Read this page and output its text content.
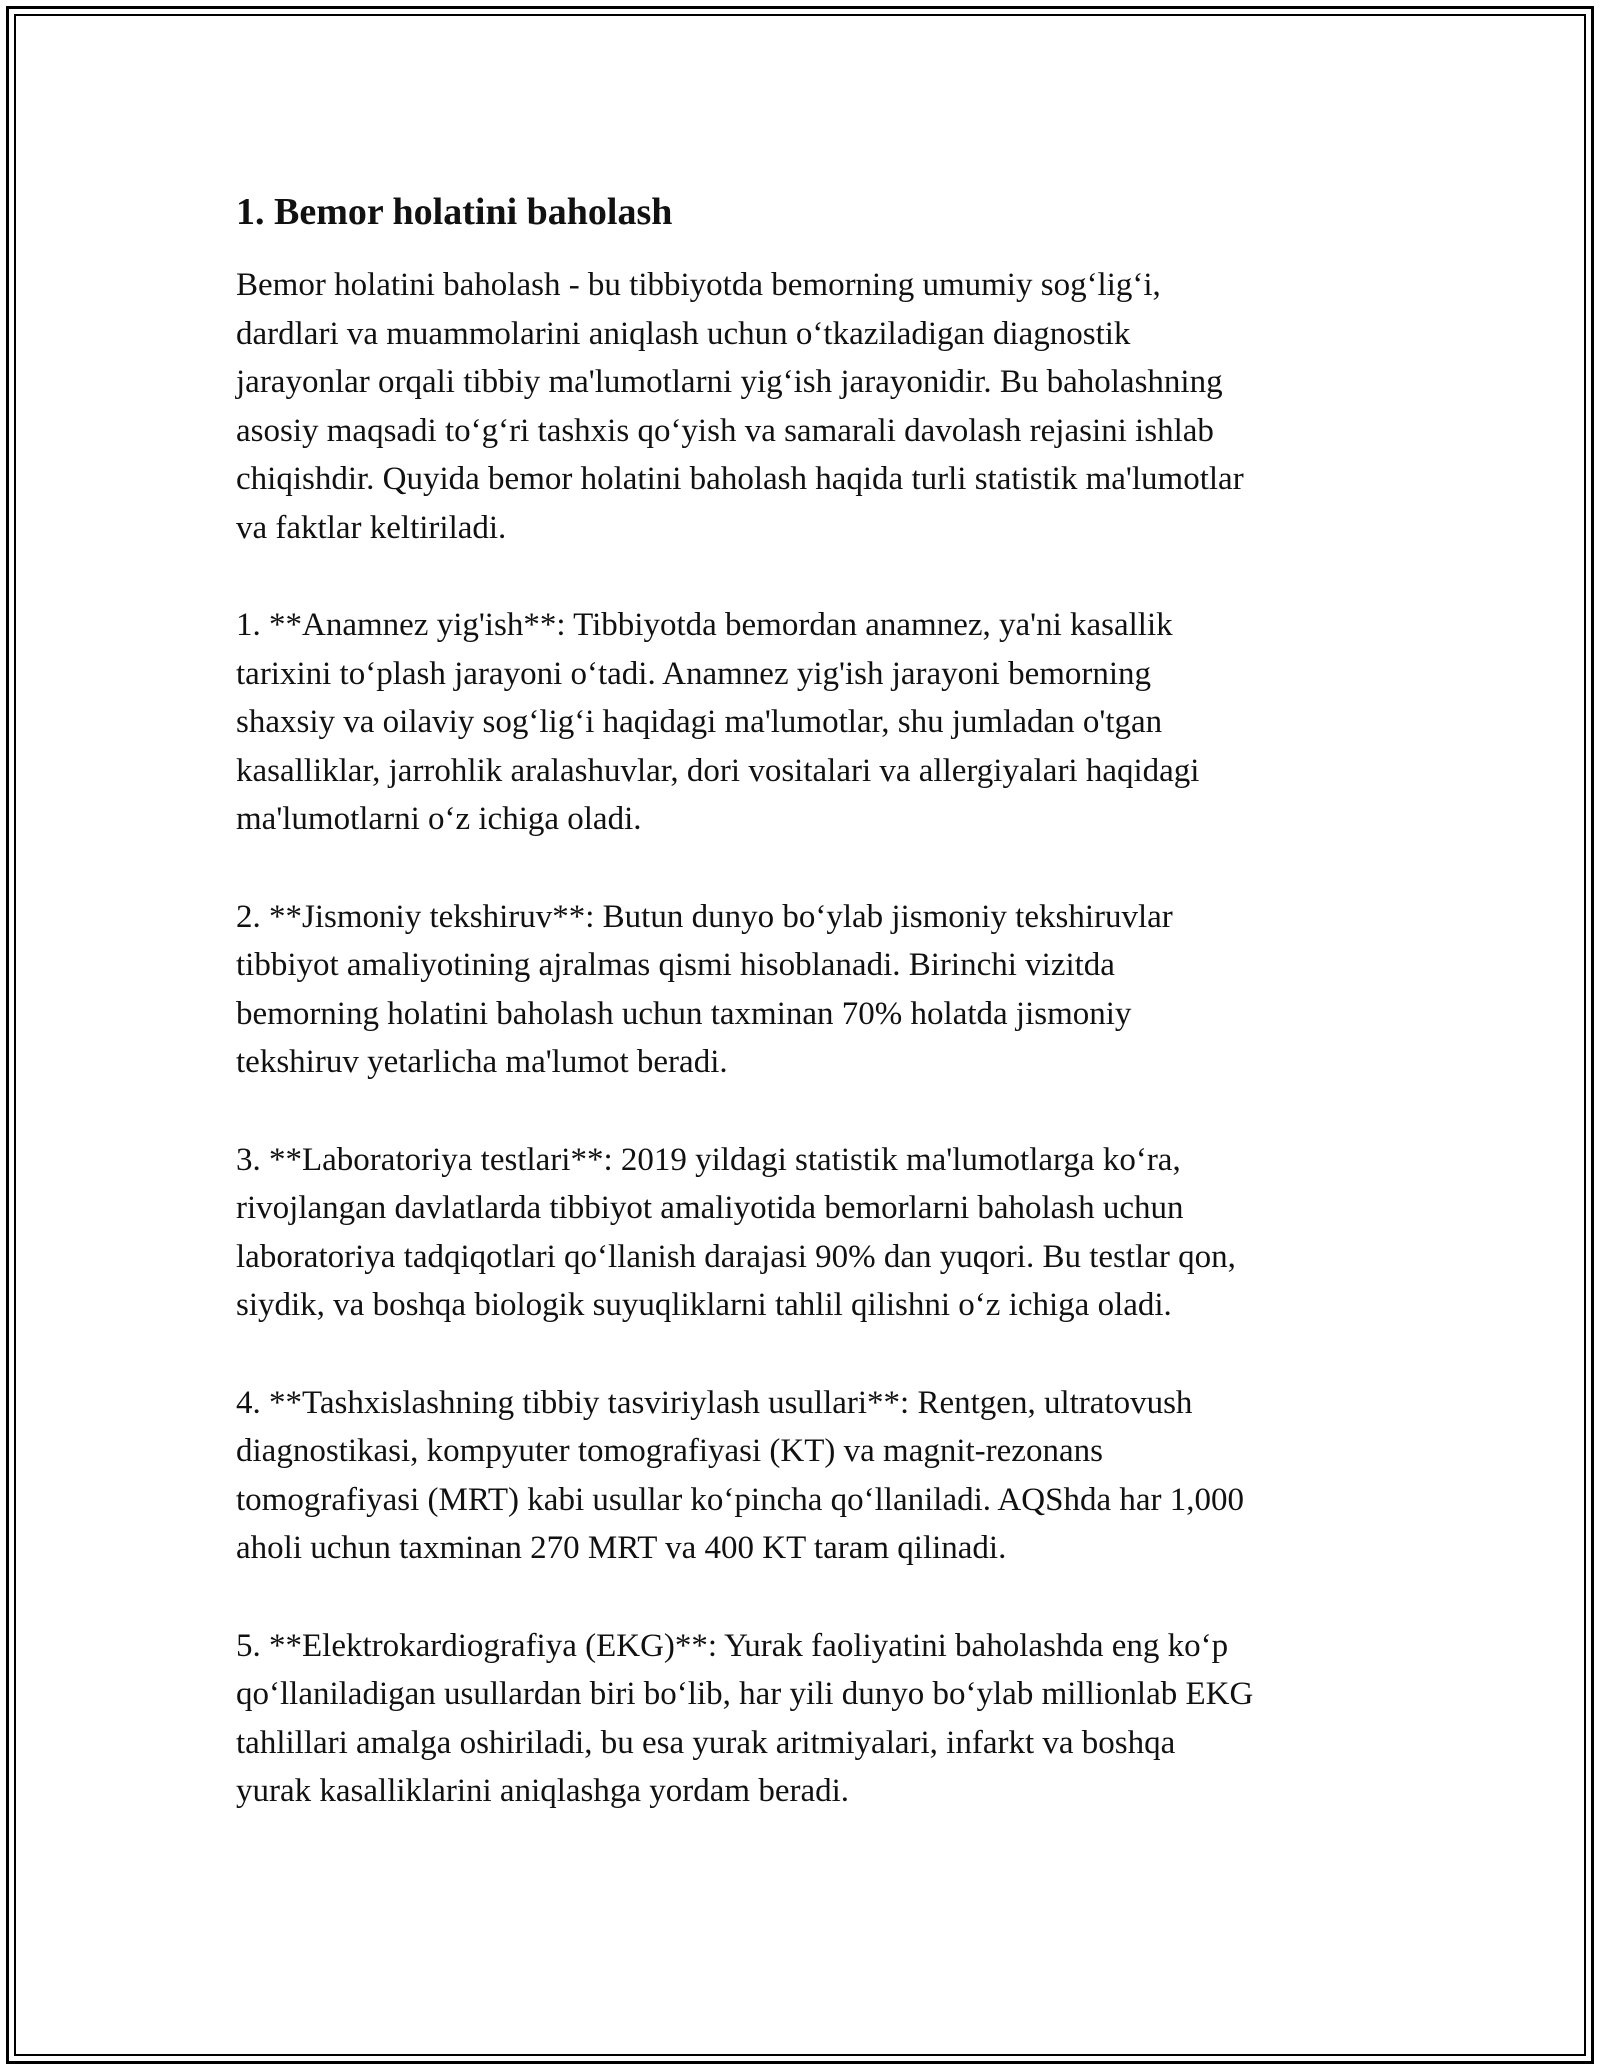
1. Bemor holatini baholash

Bemor holatini baholash - bu tibbiyotda bemorning umumiy sog‘lig‘i,
dardlari va muammolarini aniqlash uchun o‘tkaziladigan diagnostik
jarayonlar orqali tibbiy ma'lumotlarni yig‘ish jarayonidir. Bu baholashning
asosiy maqsadi to‘g‘ri tashxis qo‘yish va samarali davolash rejasini ishlab
chiqishdir. Quyida bemor holatini baholash haqida turli statistik ma'lumotlar
va faktlar keltiriladi.

1. **Anamnez yig'ish**: Tibbiyotda bemordan anamnez, ya'ni kasallik
tarixini to‘plash jarayoni o‘tadi. Anamnez yig'ish jarayoni bemorning
shaxsiy va oilaviy sog‘lig‘i haqidagi ma'lumotlar, shu jumladan o'tgan
kasalliklar, jarrohlik aralashuvlar, dori vositalari va allergiyalari haqidagi
ma'lumotlarni o‘z ichiga oladi.

2. **Jismoniy tekshiruv**: Butun dunyo bo‘ylab jismoniy tekshiruvlar
tibbiyot amaliyotining ajralmas qismi hisoblanadi. Birinchi vizitda
bemorning holatini baholash uchun taxminan 70% holatda jismoniy
tekshiruv yetarlicha ma'lumot beradi.

3. **Laboratoriya testlari**: 2019 yildagi statistik ma'lumotlarga ko‘ra,
rivojlangan davlatlarda tibbiyot amaliyotida bemorlarni baholash uchun
laboratoriya tadqiqotlari qo‘llanish darajasi 90% dan yuqori. Bu testlar qon,
siydik, va boshqa biologik suyuqliklarni tahlil qilishni o‘z ichiga oladi.

4. **Tashxislashning tibbiy tasviriylash usullari**: Rentgen, ultratovush
diagnostikasi, kompyuter tomografiyasi (KT) va magnit-rezonans
tomografiyasi (MRT) kabi usullar ko‘pincha qo‘llaniladi. AQShda har 1,000
aholi uchun taxminan 270 MRT va 400 KT taram qilinadi.

5. **Elektrokardiografiya (EKG)**: Yurak faoliyatini baholashda eng ko‘p
qo‘llaniladigan usullardan biri bo‘lib, har yili dunyo bo‘ylab millionlab EKG
tahlillari amalga oshiriladi, bu esa yurak aritmiyalari, infarkt va boshqa
yurak kasalliklarini aniqlashga yordam beradi.
